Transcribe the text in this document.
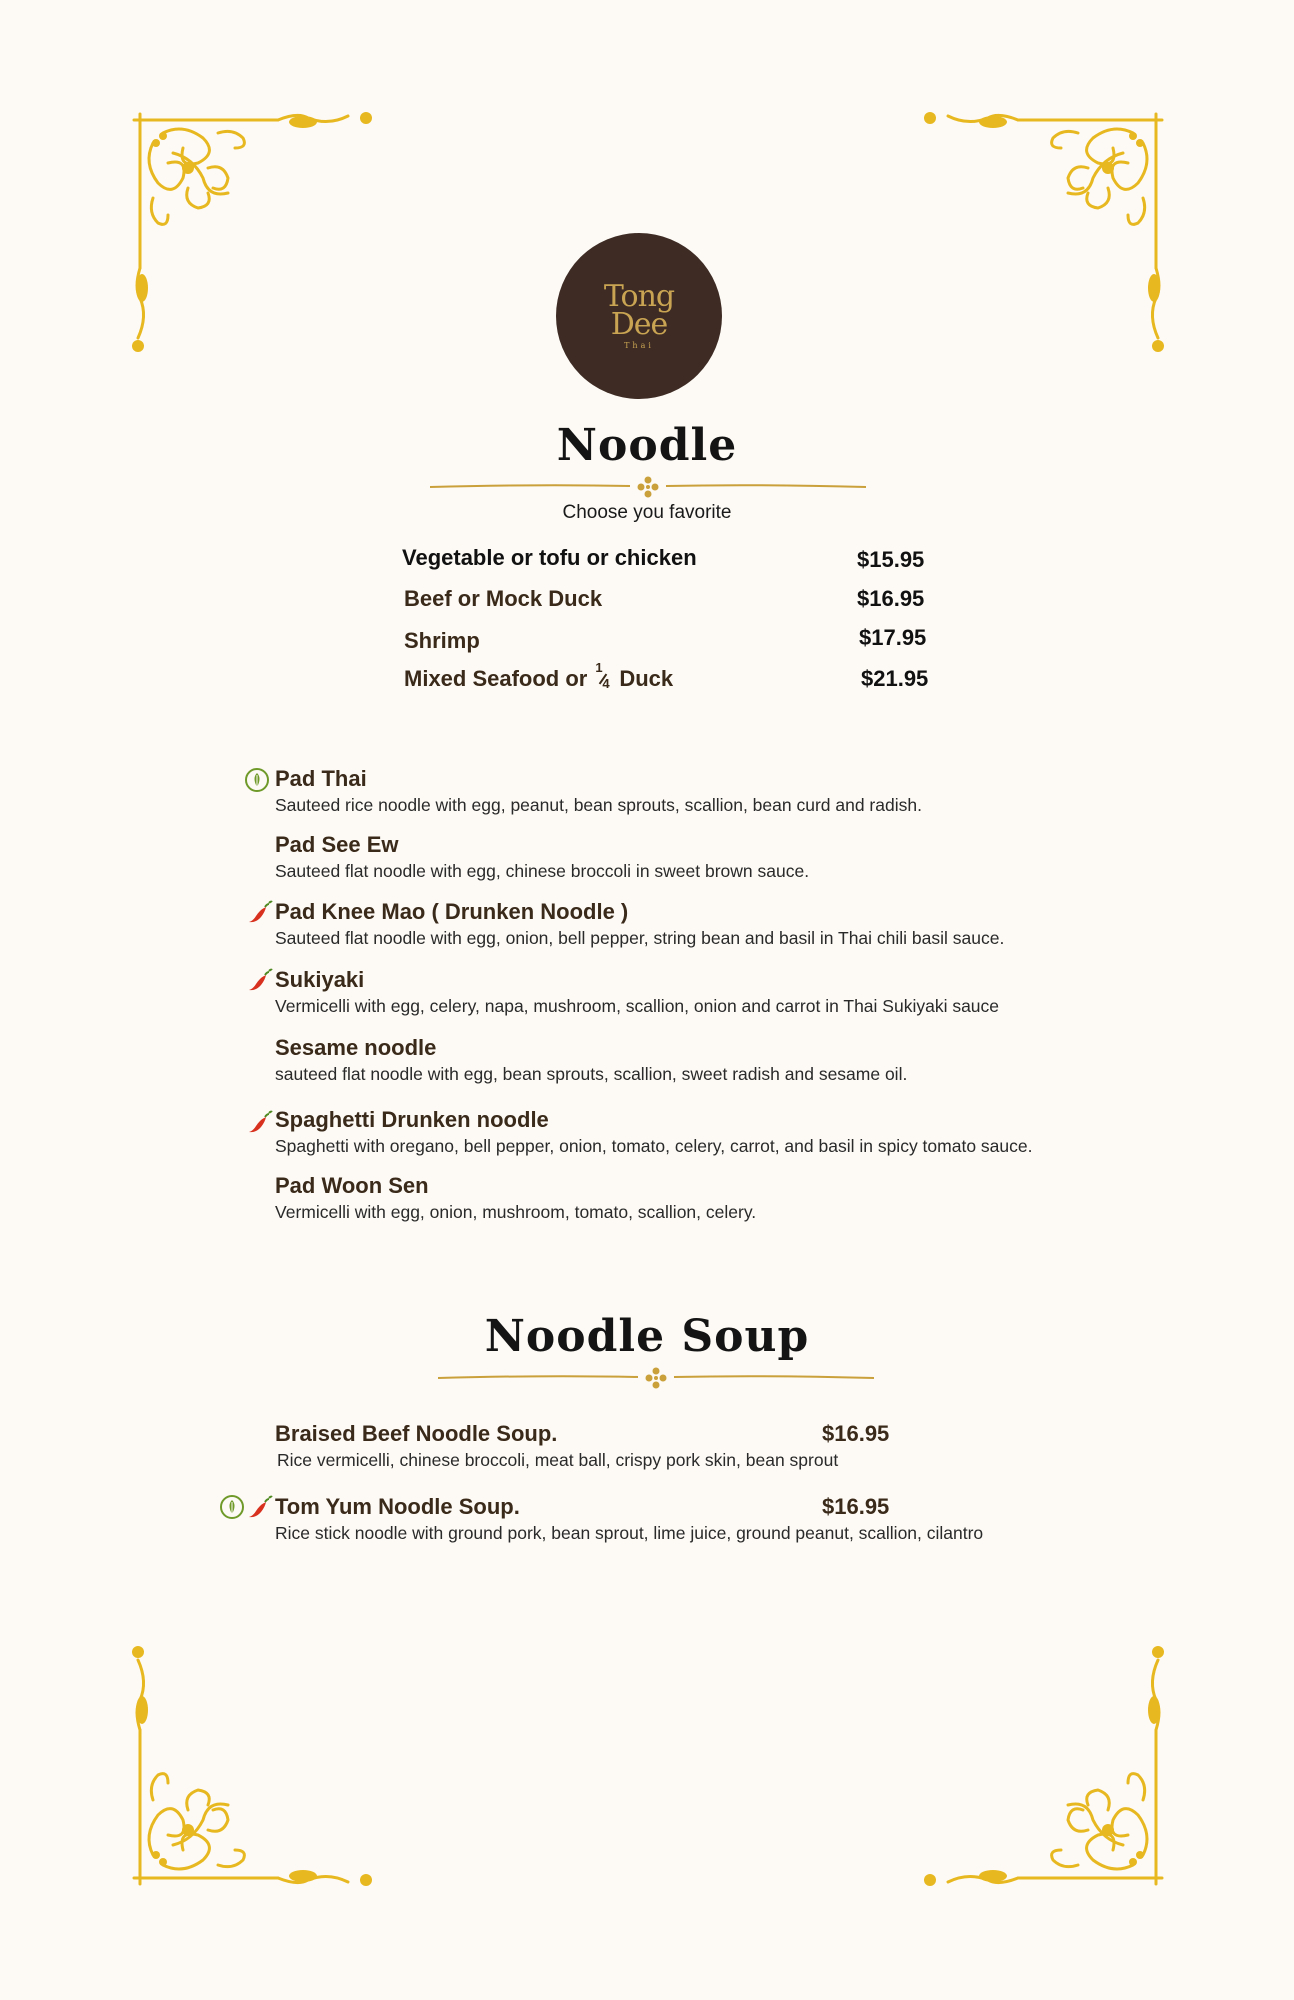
Tong
Dee
Thai
Noodle
Choose you favorite
Vegetable or tofu or chicken	$15.95
Beef or Mock Duck	$16.95
Shrimp	$17.95
Mixed Seafood or 1
4 Duck	$21.95
Pad Thai
Sauteed rice noodle with egg, peanut, bean sprouts, scallion, bean curd and radish.
Pad See Ew
Sauteed flat noodle with egg, chinese broccoli in sweet brown sauce.
Pad Knee Mao ( Drunken Noodle )
Sauteed flat noodle with egg, onion, bell pepper, string bean and basil in Thai chili basil sauce.
Sukiyaki
Vermicelli with egg, celery, napa, mushroom, scallion, onion and carrot in Thai Sukiyaki sauce
Sesame noodle
sauteed flat noodle with egg, bean sprouts, scallion, sweet radish and sesame oil.
Spaghetti Drunken noodle
Spaghetti with oregano, bell pepper, onion, tomato, celery, carrot, and basil in spicy tomato sauce.
Pad Woon Sen
Vermicelli with egg, onion, mushroom, tomato, scallion, celery.
Noodle Soup
Braised Beef Noodle Soup.	$16.95
Rice vermicelli, chinese broccoli, meat ball, crispy pork skin, bean sprout
Tom Yum Noodle Soup.	$16.95
Rice stick noodle with ground pork, bean sprout, lime juice, ground peanut, scallion, cilantro
